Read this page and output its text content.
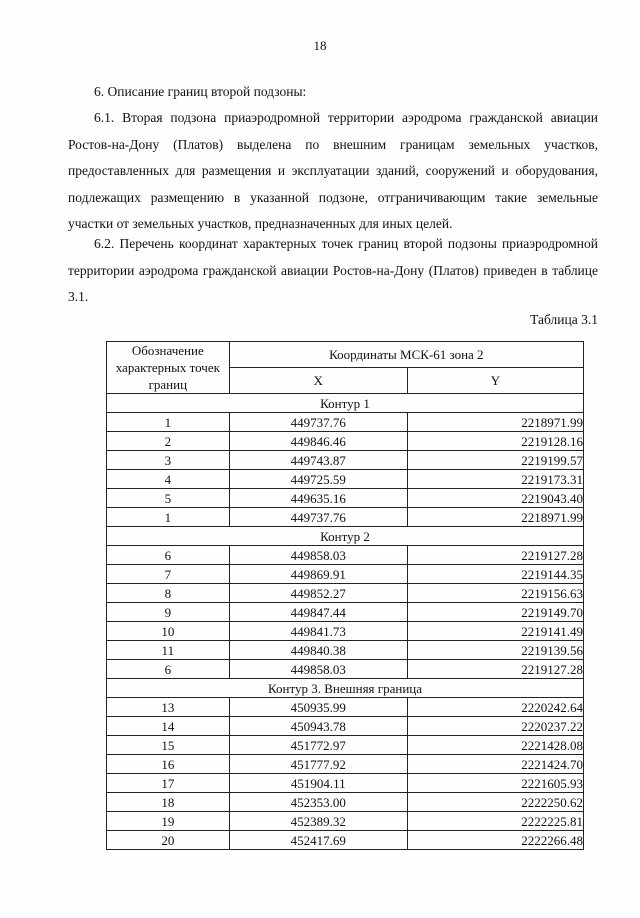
18
6. Описание границ второй подзоны:

6.1. Вторая подзона приаэродромной территории аэродрома гражданской авиации Ростов-на-Дону (Платов) выделена по внешним границам земельных участков, предоставленных для размещения и эксплуатации зданий, сооружений и оборудования, подлежащих размещению в указанной подзоне, отграничивающим такие земельные участки от земельных участков, предназначенных для иных целей.

6.2. Перечень координат характерных точек границ второй подзоны приаэродромной территории аэродрома гражданской авиации Ростов-на-Дону (Платов) приведен в таблице 3.1.

Таблица 3.1
Обозначение характерных точек границ	Координаты МСК-61 зона 2	
	X	Y
Контур 1		
1	449737.76	2218971.99
2	449846.46	2219128.16
3	449743.87	2219199.57
4	449725.59	2219173.31
5	449635.16	2219043.40
1	449737.76	2218971.99
Контур 2		
6	449858.03	2219127.28
7	449869.91	2219144.35
8	449852.27	2219156.63
9	449847.44	2219149.70
10	449841.73	2219141.49
11	449840.38	2219139.56
6	449858.03	2219127.28
Контур 3. Внешняя граница		
13	450935.99	2220242.64
14	450943.78	2220237.22
15	451772.97	2221428.08
16	451777.92	2221424.70
17	451904.11	2221605.93
18	452353.00	2222250.62
19	452389.32	2222225.81
20	452417.69	2222266.48
